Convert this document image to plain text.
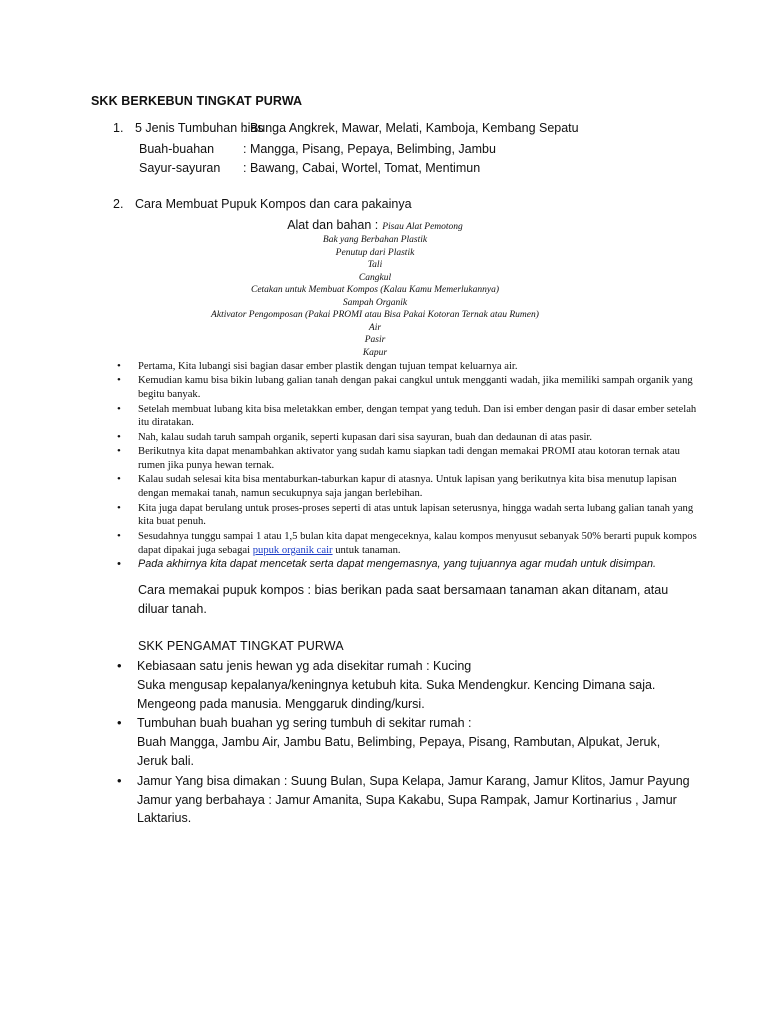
SKK BERKEBUN TINGKAT PURWA
1. 5 Jenis Tumbuhan hias
: Bunga Angkrek, Mawar, Melati, Kamboja, Kembang Sepatu
Buah-buahan : Mangga, Pisang, Pepaya, Belimbing, Jambu
Sayur-sayuran : Bawang, Cabai, Wortel, Tomat, Mentimun
2. Cara Membuat Pupuk Kompos dan cara pakainya
Alat dan bahan : Pisau Alat Pemotong
Bak yang Berbahan Plastik
Penutup dari Plastik
Tali
Cangkul
Cetakan untuk Membuat Kompos (Kalau Kamu Memerlukannya)
Sampah Organik
Aktivator Pengomposan (Pakai PROMI atau Bisa Pakai Kotoran Ternak atau Rumen)
Air
Pasir
Kapur
• Pertama, Kita lubangi sisi bagian dasar ember plastik dengan tujuan tempat keluarnya air.
• Kemudian kamu bisa bikin lubang galian tanah dengan pakai cangkul untuk mengganti wadah, jika memiliki sampah organik yang begitu banyak.
• Setelah membuat lubang kita bisa meletakkan ember, dengan tempat yang teduh. Dan isi ember dengan pasir di dasar ember setelah itu diratakan.
• Nah, kalau sudah taruh sampah organik, seperti kupasan dari sisa sayuran, buah dan dedaunan di atas pasir.
• Berikutnya kita dapat menambahkan aktivator yang sudah kamu siapkan tadi dengan memakai PROMI atau kotoran ternak atau rumen jika punya hewan ternak.
• Kalau sudah selesai kita bisa mentaburkan-taburkan kapur di atasnya. Untuk lapisan yang berikutnya kita bisa menutup lapisan dengan memakai tanah, namun secukupnya saja jangan berlebihan.
• Kita juga dapat berulang untuk proses-proses seperti di atas untuk lapisan seterusnya, hingga wadah serta lubang galian tanah yang kita buat penuh.
• Sesudahnya tunggu sampai 1 atau 1,5 bulan kita dapat mengeceknya, kalau kompos menyusut sebanyak 50% berarti pupuk kompos dapat dipakai juga sebagai pupuk organik cair untuk tanaman.
• Pada akhirnya kita dapat mencetak serta dapat mengemasnya, yang tujuannya agar mudah untuk disimpan.
Cara memakai pupuk kompos : bias berikan pada saat bersamaan tanaman akan ditanam, atau
diluar tanah.
SKK PENGAMAT TINGKAT PURWA
• Kebiasaan satu jenis hewan yg ada disekitar rumah : Kucing
Suka mengusap kepalanya/keningnya ketubuh kita. Suka Mendengkur. Kencing Dimana saja.
Mengeong pada manusia. Menggaruk dinding/kursi.
• Tumbuhan buah buahan yg sering tumbuh di sekitar rumah :
Buah Mangga, Jambu Air, Jambu Batu, Belimbing, Pepaya, Pisang, Rambutan, Alpukat, Jeruk,
Jeruk bali.
• Jamur Yang bisa dimakan : Suung Bulan, Supa Kelapa, Jamur Karang, Jamur Klitos, Jamur Payung
Jamur yang berbahaya : Jamur Amanita, Supa Kakabu, Supa Rampak, Jamur Kortinarius , Jamur
Laktarius.
